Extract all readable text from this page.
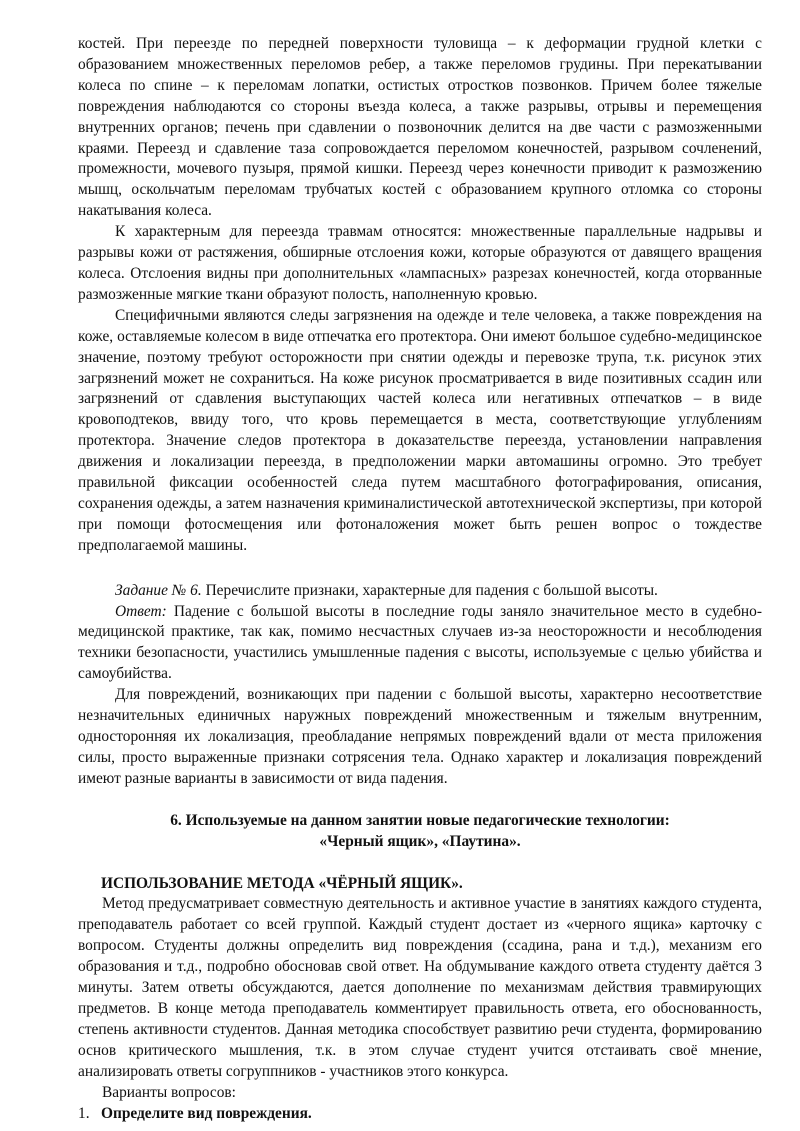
костей. При переезде по передней поверхности туловища – к деформации грудной клетки с образованием множественных переломов ребер, а также переломов грудины. При перекатывании колеса по спине – к переломам лопатки, остистых отростков позвонков. Причем более тяжелые повреждения наблюдаются со стороны въезда колеса, а также разрывы, отрывы и перемещения внутренних органов; печень при сдавлении о позвоночник делится на две части с размозженными краями. Переезд и сдавление таза сопровождается переломом конечностей, разрывом сочленений, промежности, мочевого пузыря, прямой кишки. Переезд через конечности приводит к размозжению мышц, оскольчатым переломам трубчатых костей с образованием крупного отломка со стороны накатывания колеса.

К характерным для переезда травмам относятся: множественные параллельные надрывы и разрывы кожи от растяжения, обширные отслоения кожи, которые образуются от давящего вращения колеса. Отслоения видны при дополнительных «лампасных» разрезах конечностей, когда оторванные размозженные мягкие ткани образуют полость, наполненную кровью.

Специфичными являются следы загрязнения на одежде и теле человека, а также повреждения на коже, оставляемые колесом в виде отпечатка его протектора. Они имеют большое судебно-медицинское значение, поэтому требуют осторожности при снятии одежды и перевозке трупа, т.к. рисунок этих загрязнений может не сохраниться. На коже рисунок просматривается в виде позитивных ссадин или загрязнений от сдавления выступающих частей колеса или негативных отпечатков – в виде кровоподтеков, ввиду того, что кровь перемещается в места, соответствующие углублениям протектора. Значение следов протектора в доказательстве переезда, установлении направления движения и локализации переезда, в предположении марки автомашины огромно. Это требует правильной фиксации особенностей следа путем масштабного фотографирования, описания, сохранения одежды, а затем назначения криминалистической автотехнической экспертизы, при которой при помощи фотосмещения или фотоналожения может быть решен вопрос о тождестве предполагаемой машины.

Задание № 6. Перечислите признаки, характерные для падения с большой высоты.

Ответ: Падение с большой высоты в последние годы заняло значительное место в судебно-медицинской практике, так как, помимо несчастных случаев из-за неосторожности и несоблюдения техники безопасности, участились умышленные падения с высоты, используемые с целью убийства и самоубийства.

Для повреждений, возникающих при падении с большой высоты, характерно несоответствие незначительных единичных наружных повреждений множественным и тяжелым внутренним, односторонняя их локализация, преобладание непрямых повреждений вдали от места приложения силы, просто выраженные признаки сотрясения тела. Однако характер и локализация повреждений имеют разные варианты в зависимости от вида падения.

6. Используемые на данном занятии новые педагогические технологии:
«Черный ящик», «Паутина».

ИСПОЛЬЗОВАНИЕ МЕТОДА «ЧЁРНЫЙ ЯЩИК».

Метод предусматривает совместную деятельность и активное участие в занятиях каждого студента, преподаватель работает со всей группой. Каждый студент достает из «черного ящика» карточку с вопросом. Студенты должны определить вид повреждения (ссадина, рана и т.д.), механизм его образования и т.д., подробно обосновав свой ответ. На обдумывание каждого ответа студенту даётся 3 минуты. Затем ответы обсуждаются, дается дополнение по механизмам действия травмирующих предметов. В конце метода преподаватель комментирует правильность ответа, его обоснованность, степень активности студентов. Данная методика способствует развитию речи студента, формированию основ критического мышления, т.к. в этом случае студент учится отстаивать своё мнение, анализировать ответы согруппников - участников этого конкурса.

Варианты вопросов:

1. Определите вид повреждения.
